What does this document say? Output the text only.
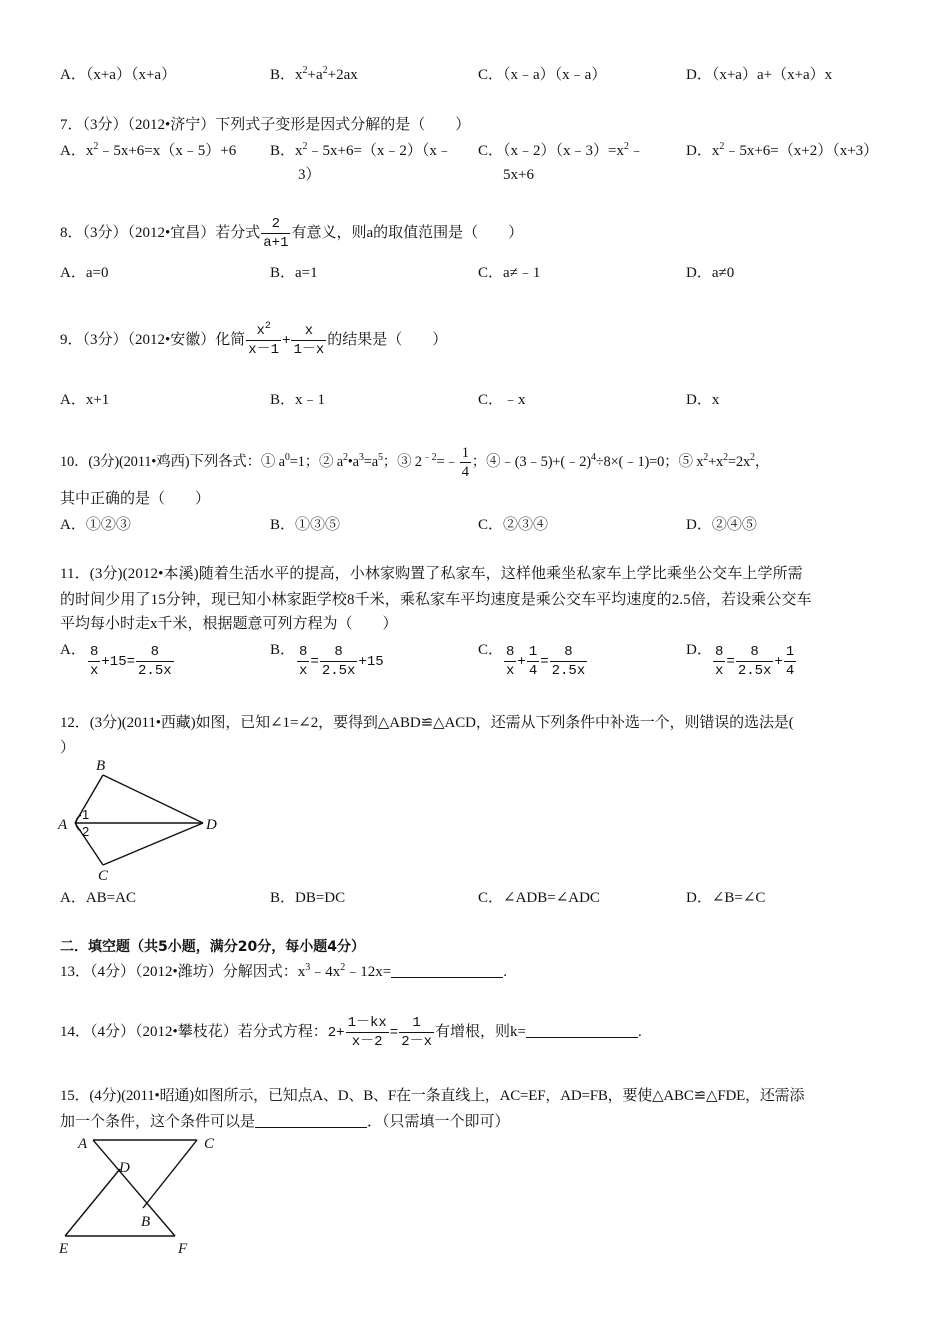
A．（x+a）（x+a）	B．$x^2+a^2+2ax$	C．（x﹣a）（x﹣a）	D．（x+a）a+（x+a）x
7．（3分）（2012•济宁）下列式子变形是因式分解的是（　　）
A．$x^2﹣5x+6=x(x﹣5)+6$ B．$x^2﹣5x+6=(x﹣2)(x﹣$
3）
C．$(x﹣2)(x﹣3)=x^2﹣$
5x+6
D．$x^2﹣5x+6=(x+2)(x+3)$
8．（3分）（2012•宜昌）若分式 $\frac{2}{a+1}$ 有意义，则a的取值范围是（　　）
A．a=0	B．a=1	C．a≠﹣1	D．a≠0
9．（3分）（2012•安徽）化简 $\frac{x^2}{x-1} + \frac{x}{1-x}$ 的结果是（　　）
A．x+1	B．x﹣1	C．﹣x	D．x
10．(3分)(2011•鸡西)下列各式：① $a^0=1$；② $a^2•a^3=a^5$；③ $2^{﹣2}=﹣ \frac{1}{4}$ ；④﹣(3﹣5)+(﹣2)$^4$÷8×(﹣1)=0；⑤ $x^2+x^2=2x^2$，
其中正确的是（　　）
A．①②③	B．①③⑤	C．②③④	D．②④⑤
11．(3分)(2012•本溪)随着生活水平的提高，小林家购置了私家车，这样他乘坐私家车上学比乘坐公交车上学所需
的时间少用了15分钟，现已知小林家距学校8千米，乘私家车平均速度是乘公交车平均速度的2.5倍，若设乘公交车
平均每小时走x千米，根据题意可列方程为（　　）
A． $\frac{8}{x} +15= \frac{8}{2.5x}$	B． $\frac{8}{x} = \frac{8}{2.5x} +15$
C． $\frac{8}{x} + \frac{1}{4} = \frac{8}{2.5x}$	D． $\frac{8}{x} = \frac{8}{2.5x} + \frac{1}{4}$
12．(3分)(2011•西藏)如图，已知∠1=∠2，要得到△ABD≌△ACD，还需从下列条件中补选一个，则错误的选法是(
）
B
A
C
D
1
2
A．AB=AC	B．DB=DC	C．∠ADB=∠ADC	D．∠B=∠C
二．填空题（共5小题，满分20分，每小题4分）
13．（4分）（2012•潍坊）分解因式：$x^3﹣4x^2﹣12x=$	.
14．（4分）（2012•攀枝花）若分式方程：$2+ \frac{1-kx}{x-2} = \frac{1}{2-x}$ 有增根，则k=	.
15．(4分)(2011•昭通)如图所示，已知点A、D、B、F在一条直线上，AC=EF，AD=FB，要使△ABC≌△FDE，还需添
加一个条件，这个条件可以是	．（只需填一个即可）
A	C
D
B
E	F
